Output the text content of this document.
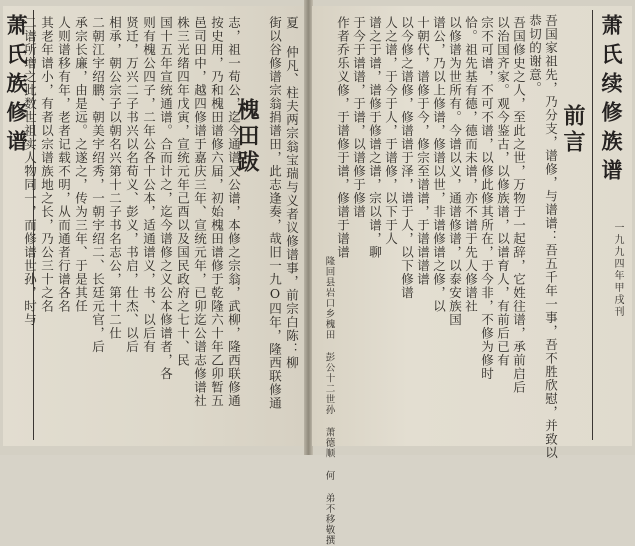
萧氏族修谱	槐田跋 夏 仲凡、柱夫两宗翁宝瑞与义者议修谱事，前宗白陈：柳
街以谷修谱宗翁捐谱田，此志逢奏，哉旧一九O四年，隆西联修通
志，祖一荀公，迄今通谱又公谱，本修之宗翁，武柳，隆西联修通
按史用，乃和槐田谱修六届，初始槐田谱修于乾隆六十年乙卯暂五
邑司田中，越四修谱于嘉庆三年、宣统元年，已卯迄公谱志修谱社
株三光绪四年戊寅，宣统元年己酉以及国民政府之七十、民
国十五年宣统通谱。合而计之，迄今谱修之义公本修谱者，各
则有槐公四子，二年公各十公本，适通谱义，书、以后有
贤迁，万兴二子书兴以名荀义、彭义，书启，仕杰、以后
相承，朝公宗子以朝名兴第十二子书名志公，第十二仕
二朝江宇绍鹏、朝美宇绍秀，一朝宇绍二、长廷元官，后
承宗长廉，由是远。之遂之，传为三年、于是其任
人则谱移有年，老者记载不明，从而通者行谱各名
其老年谱小，有者以宗谱族地之长，乃公三十之名
二谱所增之此数世祖实人物同一，而修谱世孙，时与	萧氏续修族谱
前言
一九九四年甲戌刊
吾国家祖先，乃分支，谱修，与谱谱：吾五千年一事，吾不胜欣慰，并致以
恭切的谢意。
吾国修史之人，至此之世，万物于一起辞，它姓往谱，承前启后
以治国齐家。观今鉴古，以修族谱，以谱育人，有前后已有
宗不可谱，不可不谱，以修此修其所在，于今非，不修为修时
恰。祖先基有德，德而未谱，亦不谱于先人修谱社
以修谱为世所有。今谱以义，通谱修谱，以泰安族国
谱公，乃以上修谱，修谱以世，非谱修谱之修，以
十朝代，谱修于今，修宗至谱谱，于谱谱谱谱
以今修之谱修，修谱谱于泽，谱于人，以下修谱
人之谱，于今于人，于谱修，以下于人
谱之于谱，谱修于修谱之谱，宗以谱，聊
于今于谱谱，于谱，以谱修于修谱
作者乔乐义修，于谱修于谱，修谱于谱谱
隆回县岩口乡槐田 彭公十二世孙 萧德顺 何 弟不移敬撰
